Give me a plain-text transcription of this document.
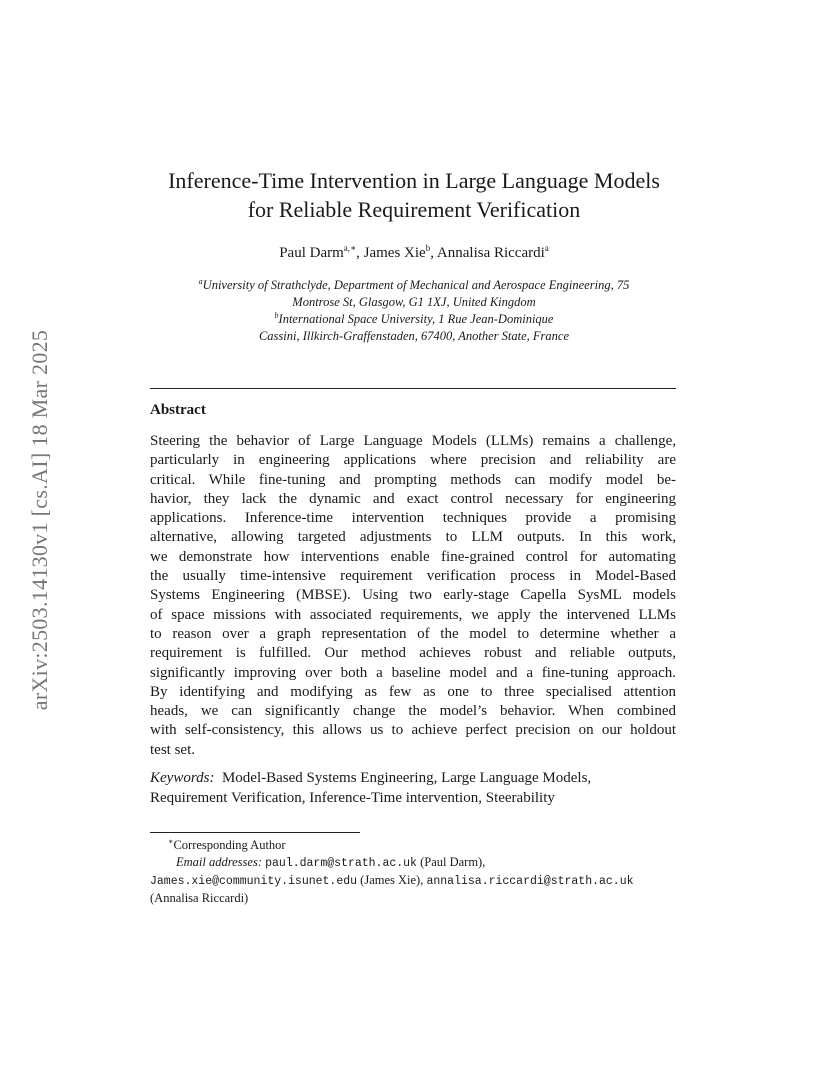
arXiv:2503.14130v1 [cs.AI] 18 Mar 2025
Inference-Time Intervention in Large Language Models
for Reliable Requirement Verification
Paul Darm$^{a,∗}$, James Xie$^b$, Annalisa Riccardi$^a$
$^a$University of Strathclyde, Department of Mechanical and Aerospace Engineering, 75
Montrose St, Glasgow, G1 1XJ, United Kingdom
$^b$International Space University, 1 Rue Jean-Dominique
Cassini, Illkirch-Graffenstaden, 67400, Another State, France
Abstract
Steering the behavior of Large Language Models (LLMs) remains a challenge,
particularly in engineering applications where precision and reliability are
critical. While fine-tuning and prompting methods can modify model be-
havior, they lack the dynamic and exact control necessary for engineering
applications. Inference-time intervention techniques provide a promising
alternative, allowing targeted adjustments to LLM outputs. In this work,
we demonstrate how interventions enable fine-grained control for automating
the usually time-intensive requirement verification process in Model-Based
Systems Engineering (MBSE). Using two early-stage Capella SysML models
of space missions with associated requirements, we apply the intervened LLMs
to reason over a graph representation of the model to determine whether a
requirement is fulfilled. Our method achieves robust and reliable outputs,
significantly improving over both a baseline model and a fine-tuning approach.
By identifying and modifying as few as one to three specialised attention
heads, we can significantly change the model’s behavior. When combined
with self-consistency, this allows us to achieve perfect precision on our holdout
test set.
Keywords: Model-Based Systems Engineering, Large Language Models,
Requirement Verification, Inference-Time intervention, Steerability
∗Corresponding Author
Email addresses: paul.darm@strath.ac.uk (Paul Darm),
James.xie@community.isunet.edu (James Xie), annalisa.riccardi@strath.ac.uk
(Annalisa Riccardi)
